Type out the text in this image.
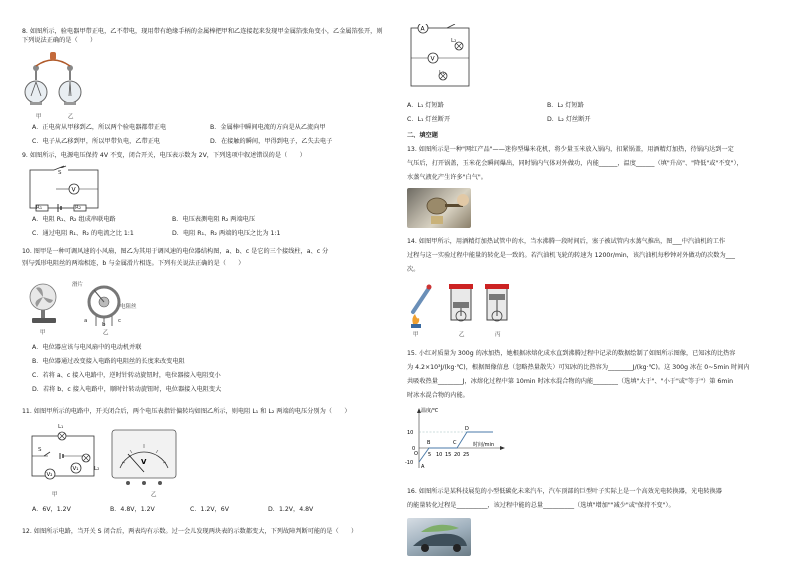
8. 如图所示，验电器甲带正电，乙不带电，现用带有绝缘手柄的金属棒把甲和乙连接起来发现甲金属箔张角变小，乙金属箔张开，则下列说法正确的是（　　）
甲	乙
A．正电荷从甲移到乙，所以两个验电器都带正电	B．金属棒中瞬间电流的方向是从乙流向甲
C．电子从乙移到甲，所以甲带负电，乙带正电	D．在接触的瞬间，甲得到电子，乙失去电子
9. 如图所示，电源电压保持 4V 不变，闭合开关，电压表示数为 2V，下列选项中叙述错误的是（　　）
V
S
R₁	R₂
A．电阻 R₁、R₂ 组成串联电路	B．电压表测电阻 R₂ 两端电压
C．通过电阻 R₁、R₂ 的电流之比 1:1	D．电阻 R₁、R₂ 两端的电压之比为 1:1
10. 图甲是一种可调风速的小风扇，图乙为其用于调风速的电位器结构图，a、b、c 是它的三个接线柱，a、c 分
别与弧形电阻丝的两端相连，b 与金属滑片相连。下列有关说法正确的是（　　）
滑片
电阻丝
a
b
c
甲	乙
A．电位器应该与电风扇中的电动机并联
B．电位器通过改变接入电路的电阻丝的长度来改变电阻
C．若将 a、c 接入电路中，逆时针转动旋钮时，电位器接入电阻变小
D．若将 b、c 接入电路中，顺时针转动旋钮时，电位器接入电阻变大
11. 如图甲所示的电路中，开关闭合后，两个电压表指针偏转均如图乙所示，则电阻 L₁ 和 L₂ 两端的电压分别为（　　）
V₂
V₁
L₁
S
L₂
甲
V
乙
A．6V，1.2V	B．4.8V，1.2V	C．1.2V，6V	D．1.2V，4.8V
12. 如图所示电路，当开关 S 闭合后，两表均有示数。过一会儿发现两块表的示数都变大，下列故障判断可能的是（　　）
A
V
L₂
L₁
A．L₁ 灯短路	B．L₂ 灯短路
C．L₁ 灯丝断开	D．L₂ 灯丝断开
二、填空题
13. 如图所示是一种"网红产品"——迷你型爆米花机，将少量玉米放入锅内，扣紧锅盖，用酒精灯加热，待锅内达到一定
气压后，打开锅盖，玉米花会瞬间爆出，同时锅内气体对外做功，内能______，温度______（填"升高"、"降低"或"不变"），
水蒸气液化产生许多"白气"。
14. 如图甲所示，用酒精灯加热试管中的水，当水沸腾一段时间后，塞子被试管内水蒸气推出，图___中汽油机的工作
过程与这一实验过程中能量的转化是一致的。若汽油机飞轮的转速为 1200r/min，该汽油机每秒钟对外做功的次数为___
次。
甲	乙	丙
15. 小红对质量为 300g 的冰加热，她根据冰熔化成水直到沸腾过程中记录的数据绘制了如图所示图像，已知冰的比热容
为 4.2×10³J/(kg·℃)，根据图像信息（忽略热量散失）可知冰的比热容为________J/(kg·℃)。这 300g 冰在 0~5min 时间内
共吸收热量________J，冰熔化过程中第 10min 时冰水混合物的内能________（选填"大于"、"小于"或"等于"）第 6min
时冰水混合物的内能。
10
0
-10
5 10 15 20 25
温度/℃
时间/min
A
B	C
D
O
16. 如图所示是某科技展览的小型低碳化未来汽车，汽车顶部的巨型叶子实际上是一个高效光电转换器，光电转换器
的能量转化过程是__________，该过程中能的总量__________（选填"增加""减少"或"保持不变"）。
